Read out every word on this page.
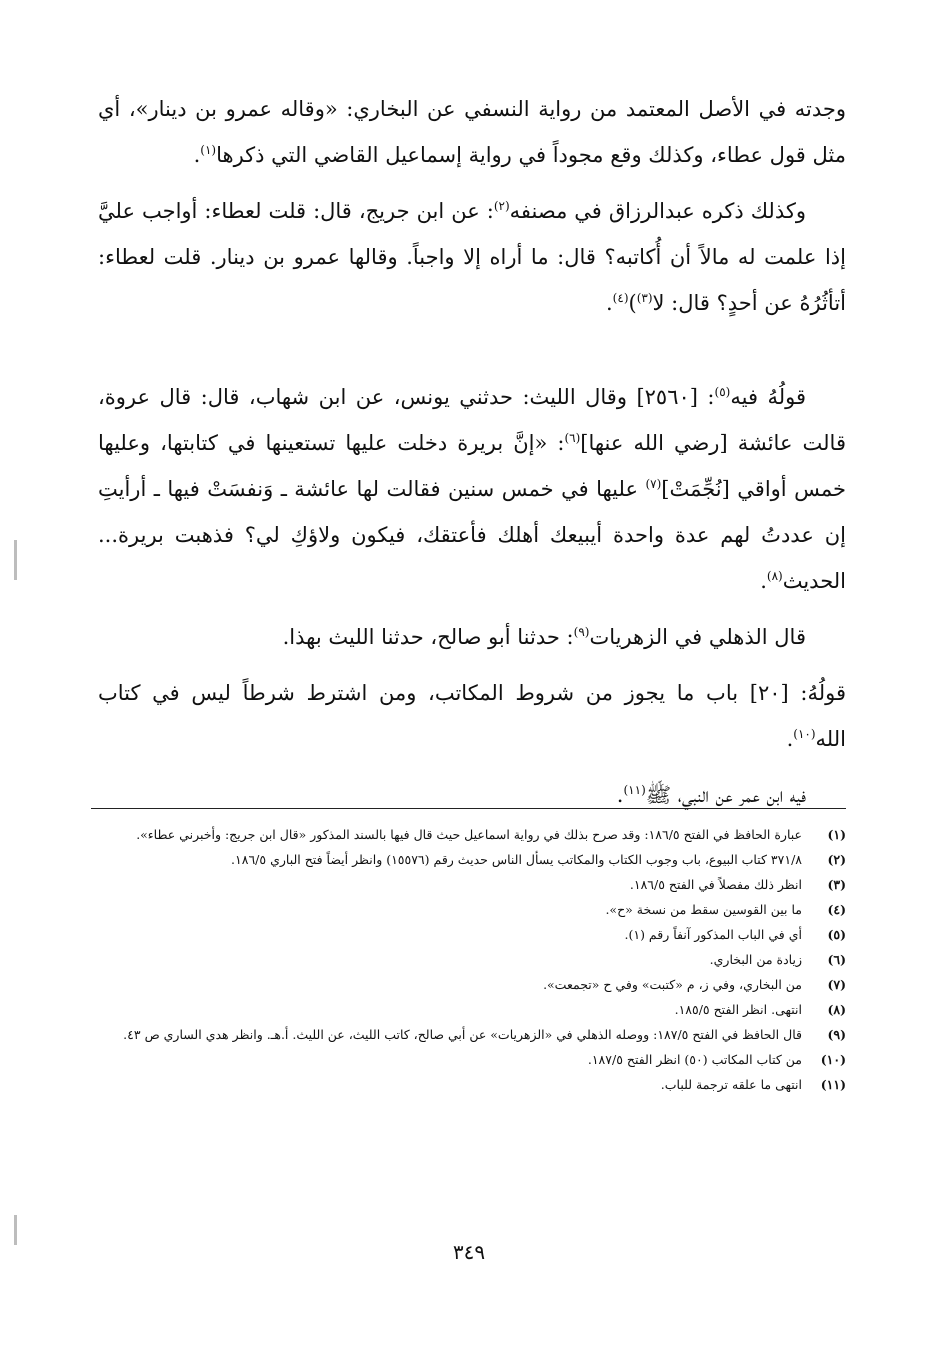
وجدته في الأصل المعتمد من رواية النسفي عن البخاري: «وقاله عمرو بن دينار»، أي مثل قول عطاء، وكذلك وقع مجوداً في رواية إسماعيل القاضي التي ذكرها$^{(١)}$.

وكذلك ذكره عبدالرزاق في مصنفه$^{(٢)}$: عن ابن جريج، قال: قلت لعطاء: أواجب عليَّ إذا علمت له مالاً أن أُكاتبه؟ قال: ما أراه إلا واجباً. وقالها عمرو بن دينار. قلت لعطاء: أتأثُرُهُ عن أحدٍ؟ قال: لا$^{(٣)}$)$^{(٤)}$.

قولُهُ فيه$^{(٥)}$: [٢٥٦٠] وقال الليث: حدثني يونس، عن ابن شهاب، قال: قال عروة، قالت عائشة [رضي الله عنها]$^{(٦)}$: «إنَّ بريرة دخلت عليها تستعينها في كتابتها، وعليها خمس أواقي [نُجِّمَتْ]$^{(٧)}$ عليها في خمس سنين فقالت لها عائشة ـ وَنفسَتْ فيها ـ أرأيتِ إن عددتُ لهم عدة واحدة أيبيعك أهلك فأعتقك، فيكون ولاؤكِ لي؟ فذهبت بريرة... الحديث$^{(٨)}$.

قال الذهلي في الزهريات$^{(٩)}$: حدثنا أبو صالح، حدثنا الليث بهذا.

قولُهُ: [٢٠] باب ما يجوز من شروط المكاتب، ومن اشترط شرطاً ليس في كتاب الله$^{(١٠)}$.

فيه ابن عمر عن النبي، ﷺ$^{(١١)}$.

(١)
عبارة الحافظ في الفتح ١٨٦/٥: وقد صرح بذلك في رواية اسماعيل حيث قال فيها بالسند المذكور «قال ابن جريج: وأخبرني عطاء».
(٢)
٣٧١/٨ كتاب البيوع، باب وجوب الكتاب والمكاتب يسأل الناس حديث رقم (١٥٥٧٦) وانظر أيضاً فتح الباري ١٨٦/٥.
(٣)
انظر ذلك مفصلاً في الفتح ١٨٦/٥.
(٤)
ما بين القوسين سقط من نسخة «ح».
(٥)
أي في الباب المذكور آنفاً رقم (١).
(٦)
زيادة من البخاري.
(٧)
من البخاري، وفي ز، م «كتبت» وفي ح «تجمعت».
(٨)
انتهى. انظر الفتح ١٨٥/٥.
(٩)
قال الحافظ في الفتح ١٨٧/٥: ووصله الذهلي في «الزهريات» عن أبي صالح، كاتب الليث، عن الليث. أ.هـ. وانظر هدي الساري ص ٤٣.
(١٠)
من كتاب المكاتب (٥٠) انظر الفتح ١٨٧/٥.
(١١)
انتهى ما علقه ترجمة للباب.
٣٤٩
